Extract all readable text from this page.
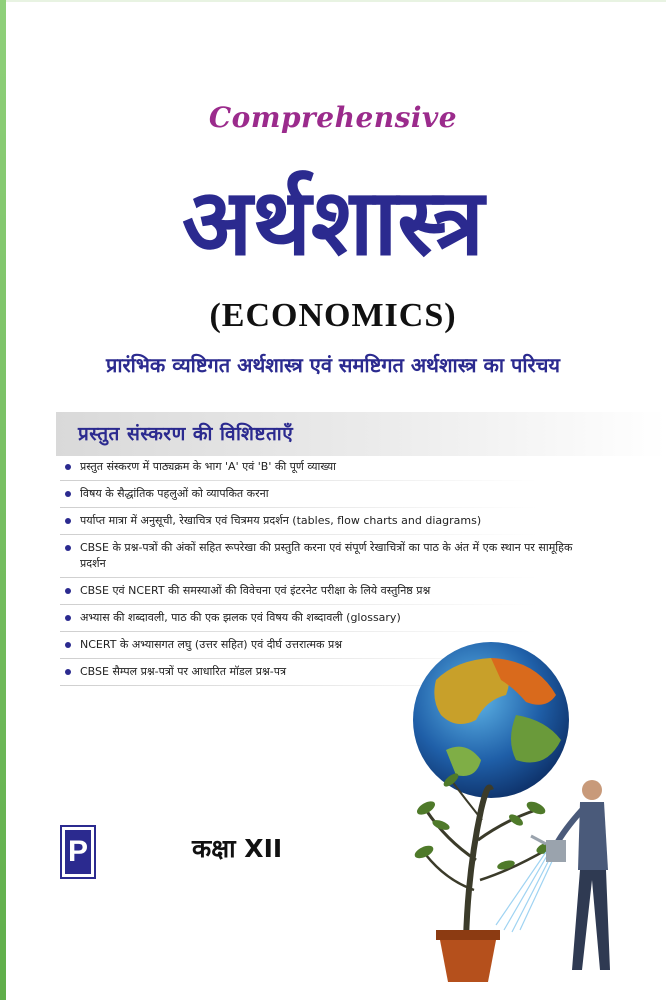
Comprehensive
अर्थशास्त्र
(ECONOMICS)
प्रारंभिक व्यष्टिगत अर्थशास्त्र एवं समष्टिगत अर्थशास्त्र का परिचय
प्रस्तुत संस्करण की विशिष्टताएँ
प्रस्तुत संस्करण में पाठ्यक्रम के भाग 'A' एवं 'B' की पूर्ण व्याख्या
विषय के सैद्धांतिक पहलुओं को व्यापकित करना
पर्याप्त मात्रा में अनुसूची, रेखाचित्र एवं चित्रमय प्रदर्शन (tables, flow charts and diagrams)
CBSE के प्रश्न-पत्रों की अंकों सहित रूपरेखा की प्रस्तुति करना एवं संपूर्ण रेखाचित्रों का पाठ के अंत में एक स्थान पर सामूहिक प्रदर्शन
CBSE एवं NCERT की समस्याओं की विवेचना एवं इंटरनेट परीक्षा के लिये वस्तुनिष्ठ प्रश्न
अभ्यास की शब्दावली, पाठ की एक झलक एवं विषय की शब्दावली (glossary)
NCERT के अभ्यासगत लघु (उत्तर सहित) एवं दीर्घ उत्तरात्मक प्रश्न
CBSE सैम्पल प्रश्न-पत्रों पर आधारित मॉडल प्रश्न-पत्र
P	कक्षा XII
